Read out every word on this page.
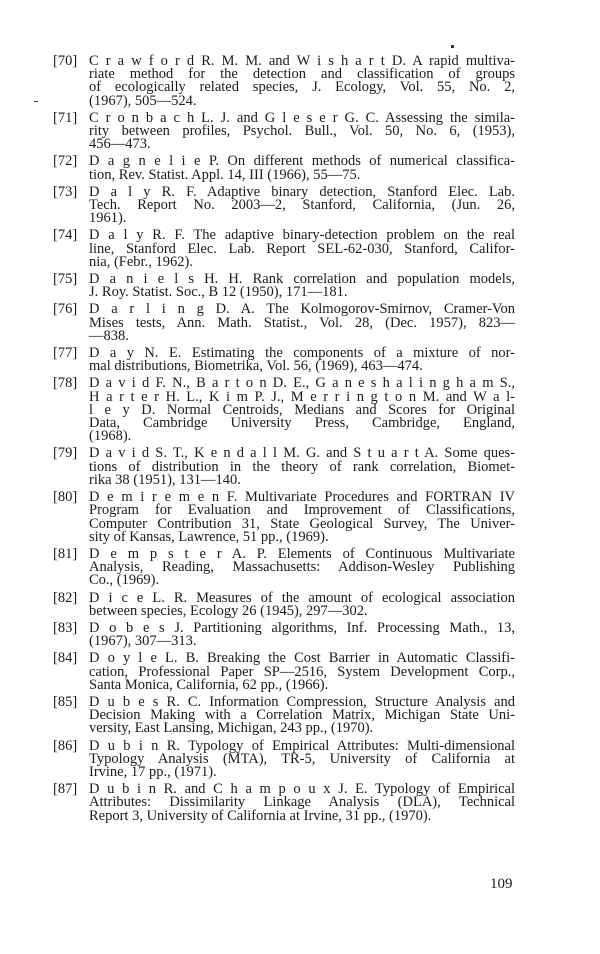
[70] C r a w f o r d R. M. M. and W i s h a r t D. A rapid multiva-
riate method for the detection and classification of groups
of ecologically related species, J. Ecology, Vol. 55, No. 2,
(1967), 505—524.
[71] C r o n b a c h L. J. and G l e s e r G. C. Assessing the simila-
rity between profiles, Psychol. Bull., Vol. 50, No. 6, (1953),
456—473.
[72] D a g n e l i e P. On different methods of numerical classifica-
tion, Rev. Statist. Appl. 14, III (1966), 55—75.
[73] D a l y R. F. Adaptive binary detection, Stanford Elec. Lab.
Tech. Report No. 2003—2, Stanford, California, (Jun. 26,
1961).
[74] D a l y R. F. The adaptive binary-detection problem on the real
line, Stanford Elec. Lab. Report SEL-62-030, Stanford, Califor-
nia, (Febr., 1962).
[75] D a n i e l s H. H. Rank correlation and population models,
J. Roy. Statist. Soc., B 12 (1950), 171—181.
[76] D a r l i n g D. A. The Kolmogorov-Smirnov, Cramer-Von
Mises tests, Ann. Math. Statist., Vol. 28, (Dec. 1957), 823—
—838.
[77] D a y N. E. Estimating the components of a mixture of nor-
mal distributions, Biometrika, Vol. 56, (1969), 463—474.
[78] D a v i d F. N., B a r t o n D. E., G a n e s h a l i n g h a m S.,
H a r t e r H. L., K i m P. J., M e r r i n g t o n M. and W a l-
l e y D. Normal Centroids, Medians and Scores for Original
Data, Cambridge University Press, Cambridge, England,
(1968).
[79] D a v i d S. T., K e n d a l l M. G. and S t u a r t A. Some ques-
tions of distribution in the theory of rank correlation, Biomet-
rika 38 (1951), 131—140.
[80] D e m i r e m e n F. Multivariate Procedures and FORTRAN IV
Program for Evaluation and Improvement of Classifications,
Computer Contribution 31, State Geological Survey, The Univer-
sity of Kansas, Lawrence, 51 pp., (1969).
[81] D e m p s t e r A. P. Elements of Continuous Multivariate
Analysis, Reading, Massachusetts: Addison-Wesley Publishing
Co., (1969).
[82] D i c e L. R. Measures of the amount of ecological association
between species, Ecology 26 (1945), 297—302.
[83] D o b e s J. Partitioning algorithms, Inf. Processing Math., 13,
(1967), 307—313.
[84] D o y l e L. B. Breaking the Cost Barrier in Automatic Classifi-
cation, Professional Paper SP—2516, System Development Corp.,
Santa Monica, California, 62 pp., (1966).
[85] D u b e s R. C. Information Compression, Structure Analysis and
Decision Making with a Correlation Matrix, Michigan State Uni-
versity, East Lansing, Michigan, 243 pp., (1970).
[86] D u b i n R. Typology of Empirical Attributes: Multi-dimensional
Typology Analysis (MTA), TR-5, University of California at
Irvine, 17 pp., (1971).
[87] D u b i n R. and C h a m p o u x J. E. Typology of Empirical
Attributes: Dissimilarity Linkage Analysis (DLA), Technical
Report 3, University of California at Irvine, 31 pp., (1970).
109
